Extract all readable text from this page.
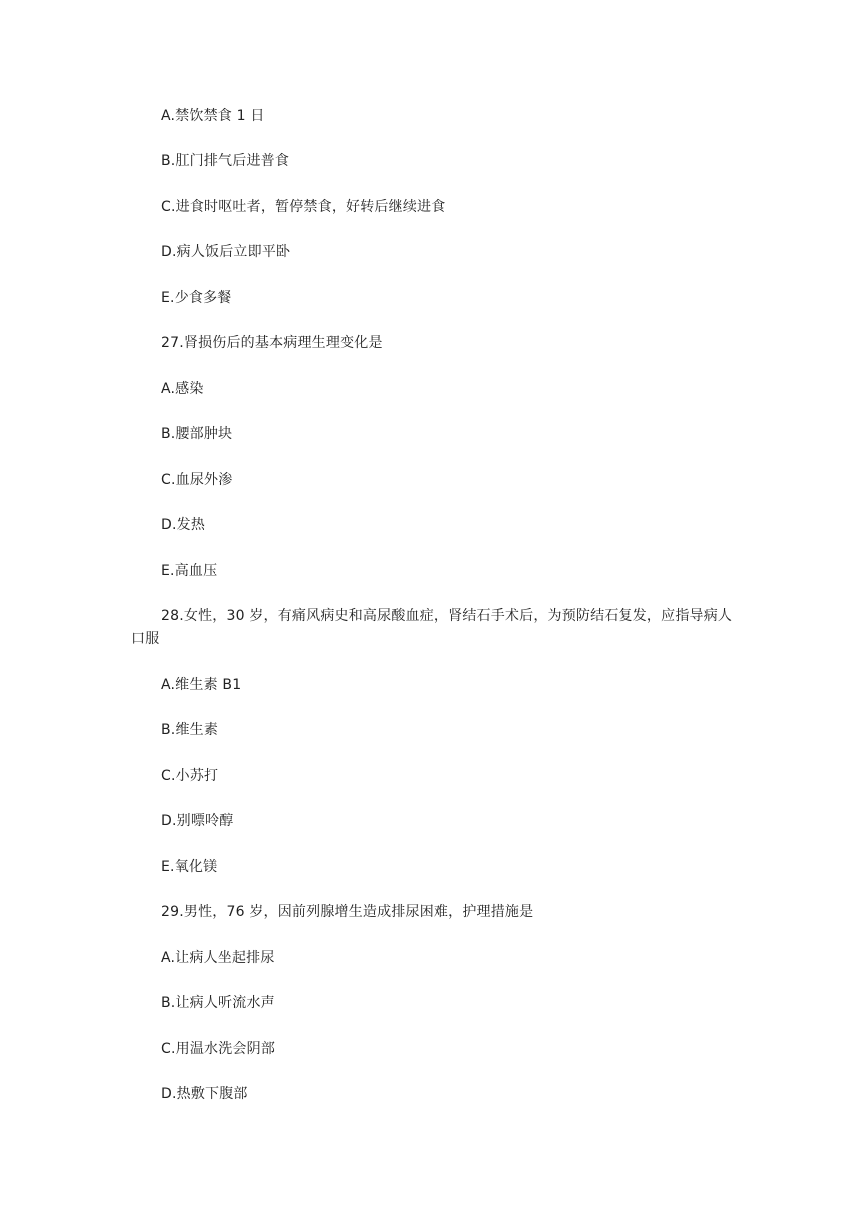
A.禁饮禁食 1 日
B.肛门排气后进普食
C.进食时呕吐者，暂停禁食，好转后继续进食
D.病人饭后立即平卧
E.少食多餐
27.肾损伤后的基本病理生理变化是
A.感染
B.腰部肿块
C.血尿外渗
D.发热
E.高血压
28.女性，30 岁，有痛风病史和高尿酸血症，肾结石手术后，为预防结石复发，应指导病人口服
A.维生素 B1
B.维生素
C.小苏打
D.别嘌呤醇
E.氧化镁
29.男性，76 岁，因前列腺增生造成排尿困难，护理措施是
A.让病人坐起排尿
B.让病人听流水声
C.用温水洗会阴部
D.热敷下腹部
